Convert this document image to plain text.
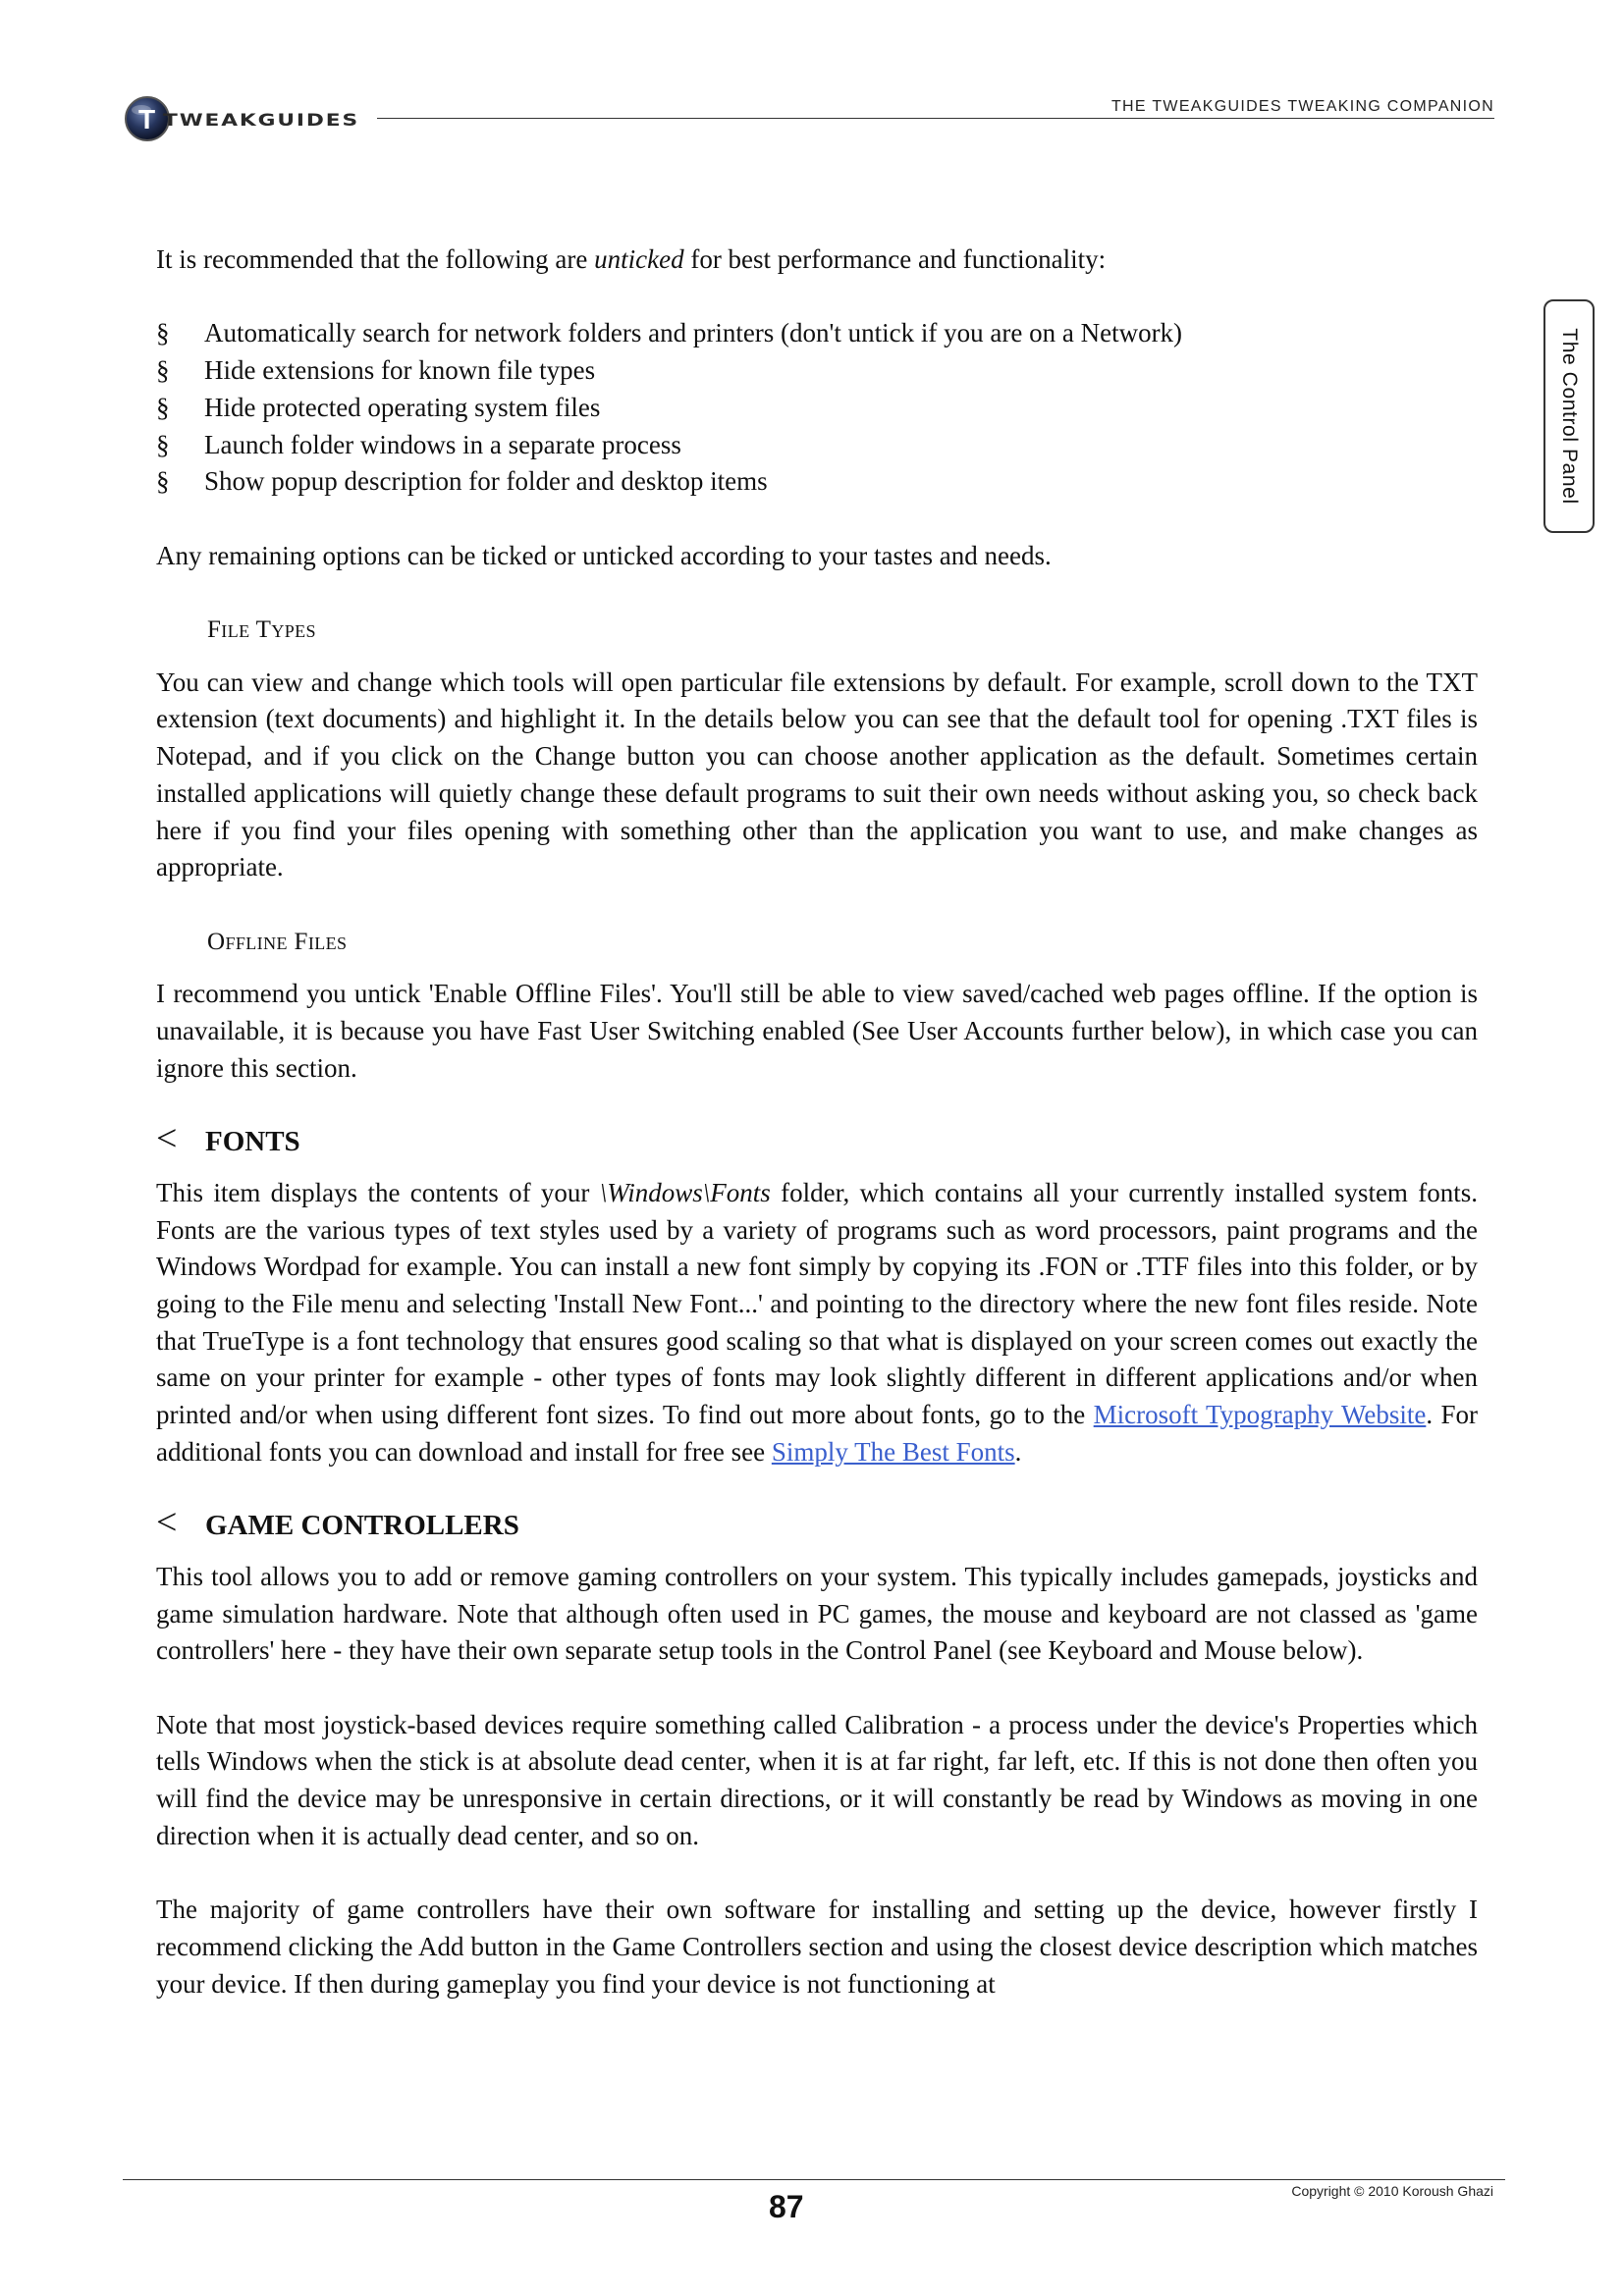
T TWEAKGUIDES
THE TWEAKGUIDES TWEAKING COMPANION
The Control Panel

It is recommended that the following are unticked for best performance and functionality:

§ Automatically search for network folders and printers (don't untick if you are on a Network)
§ Hide extensions for known file types
§ Hide protected operating system files
§ Launch folder windows in a separate process
§ Show popup description for folder and desktop items

Any remaining options can be ticked or unticked according to your tastes and needs.

File Types

You can view and change which tools will open particular file extensions by default. For example, scroll down to the TXT extension (text documents) and highlight it. In the details below you can see that the default tool for opening .TXT files is Notepad, and if you click on the Change button you can choose another application as the default. Sometimes certain installed applications will quietly change these default programs to suit their own needs without asking you, so check back here if you find your files opening with something other than the application you want to use, and make changes as appropriate.

Offline Files

I recommend you untick 'Enable Offline Files'. You'll still be able to view saved/cached web pages offline. If the option is unavailable, it is because you have Fast User Switching enabled (See User Accounts further below), in which case you can ignore this section.

< FONTS

This item displays the contents of your \Windows\Fonts folder, which contains all your currently installed system fonts. Fonts are the various types of text styles used by a variety of programs such as word processors, paint programs and the Windows Wordpad for example. You can install a new font simply by copying its .FON or .TTF files into this folder, or by going to the File menu and selecting 'Install New Font...' and pointing to the directory where the new font files reside. Note that TrueType is a font technology that ensures good scaling so that what is displayed on your screen comes out exactly the same on your printer for example - other types of fonts may look slightly different in different applications and/or when printed and/or when using different font sizes. To find out more about fonts, go to the Microsoft Typography Website. For additional fonts you can download and install for free see Simply The Best Fonts.

< GAME CONTROLLERS

This tool allows you to add or remove gaming controllers on your system. This typically includes gamepads, joysticks and game simulation hardware. Note that although often used in PC games, the mouse and keyboard are not classed as 'game controllers' here - they have their own separate setup tools in the Control Panel (see Keyboard and Mouse below).

Note that most joystick-based devices require something called Calibration - a process under the device's Properties which tells Windows when the stick is at absolute dead center, when it is at far right, far left, etc. If this is not done then often you will find the device may be unresponsive in certain directions, or it will constantly be read by Windows as moving in one direction when it is actually dead center, and so on.

The majority of game controllers have their own software for installing and setting up the device, however firstly I recommend clicking the Add button in the Game Controllers section and using the closest device description which matches your device. If then during gameplay you find your device is not functioning at

Copyright © 2010 Koroush Ghazi
87
